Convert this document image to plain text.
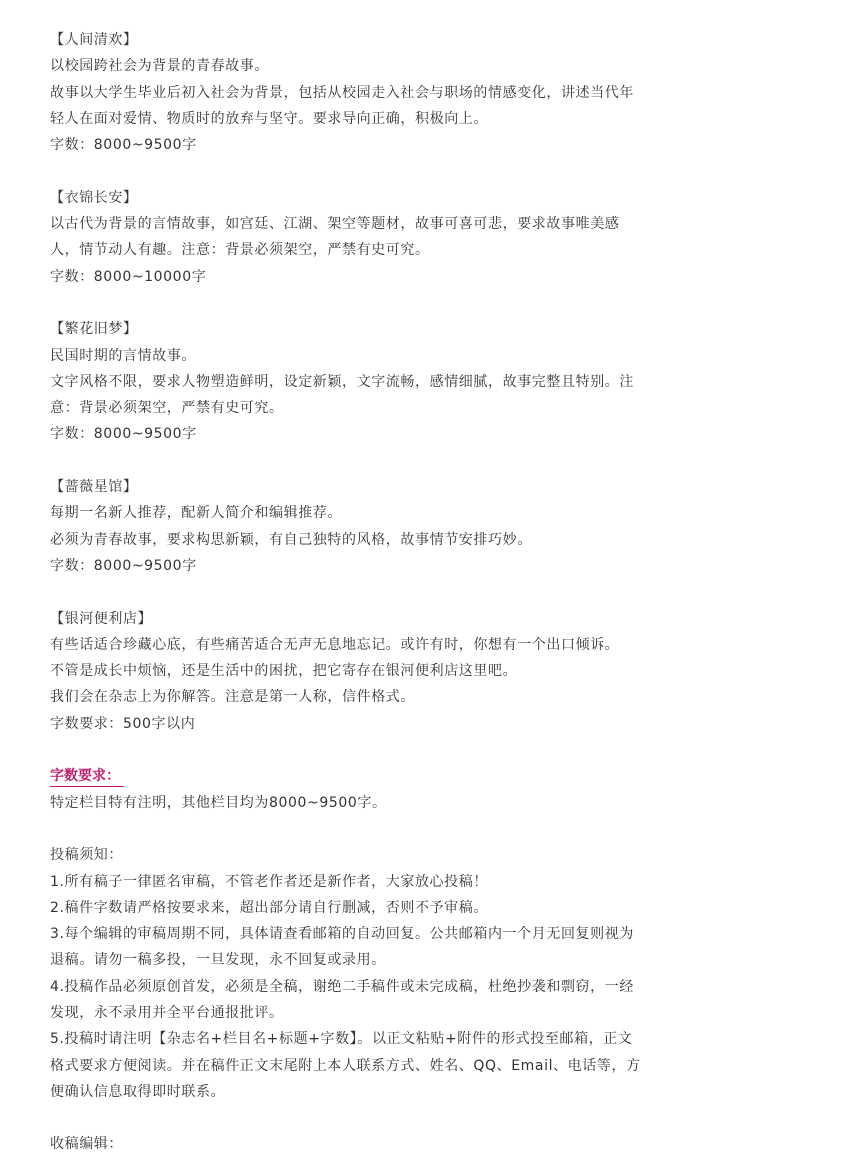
【人间清欢】
以校园跨社会为背景的青春故事。
故事以大学生毕业后初入社会为背景，包括从校园走入社会与职场的情感变化，讲述当代年
轻人在面对爱情、物质时的放弃与坚守。要求导向正确，积极向上。
字数：8000~9500字
【衣锦长安】
以古代为背景的言情故事，如宫廷、江湖、架空等题材，故事可喜可悲，要求故事唯美感
人，情节动人有趣。注意：背景必须架空，严禁有史可究。
字数：8000~10000字
【繁花旧梦】
民国时期的言情故事。
文字风格不限，要求人物塑造鲜明，设定新颖，文字流畅，感情细腻，故事完整且特别。注
意：背景必须架空，严禁有史可究。
字数：8000~9500字
【蔷薇星馆】
每期一名新人推荐，配新人简介和编辑推荐。
必须为青春故事，要求构思新颖，有自己独特的风格，故事情节安排巧妙。
字数：8000~9500字
【银河便利店】
有些话适合珍藏心底，有些痛苦适合无声无息地忘记。或许有时，你想有一个出口倾诉。
不管是成长中烦恼，还是生活中的困扰，把它寄存在银河便利店这里吧。
我们会在杂志上为你解答。注意是第一人称，信件格式。
字数要求：500字以内
字数要求：
特定栏目特有注明，其他栏目均为8000~9500字。
投稿须知：
1.所有稿子一律匿名审稿，不管老作者还是新作者，大家放心投稿！
2.稿件字数请严格按要求来，超出部分请自行删减，否则不予审稿。
3.每个编辑的审稿周期不同，具体请查看邮箱的自动回复。公共邮箱内一个月无回复则视为
退稿。请勿一稿多投，一旦发现，永不回复或录用。
4.投稿作品必须原创首发，必须是全稿，谢绝二手稿件或未完成稿，杜绝抄袭和剽窃，一经
发现，永不录用并全平台通报批评。
5.投稿时请注明【杂志名+栏目名+标题+字数】。以正文粘贴+附件的形式投至邮箱，正文
格式要求方便阅读。并在稿件正文末尾附上本人联系方式、姓名、QQ、Email、电话等，方
便确认信息取得即时联系。
收稿编辑：
